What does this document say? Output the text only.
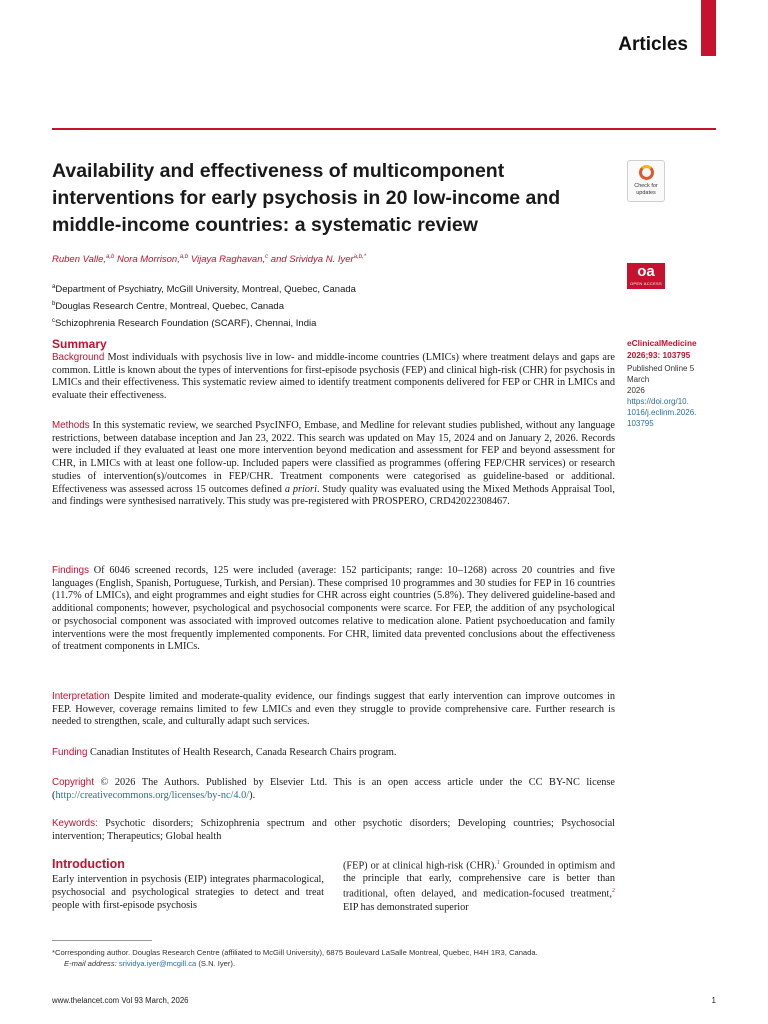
Articles
Availability and effectiveness of multicomponent interventions for early psychosis in 20 low-income and middle-income countries: a systematic review
Check for
updates
Ruben Valle,$^{a,b}$ Nora Morrison,$^{a,b}$ Vijaya Raghavan,$^c$ and Srividya N. Iyer$^{a,b,*}$
oa
OPEN ACCESS
$^a$Department of Psychiatry, McGill University, Montreal, Quebec, Canada
$^b$Douglas Research Centre, Montreal, Quebec, Canada
$^c$Schizophrenia Research Foundation (SCARF), Chennai, India
eClinicalMedicine
2026;93: 103795
Published Online 5 March
2026
https://doi.org/10.
1016/j.eclinm.2026.
103795
Summary

Background Most individuals with psychosis live in low- and middle-income countries (LMICs) where treatment delays and gaps are common. Little is known about the types of interventions for first-episode psychosis (FEP) and clinical high-risk (CHR) for psychosis in LMICs and their effectiveness. This systematic review aimed to identify treatment components delivered for FEP or CHR in LMICs and evaluate their effectiveness.

Methods In this systematic review, we searched PsycINFO, Embase, and Medline for relevant studies published, without any language restrictions, between database inception and Jan 23, 2022. This search was updated on May 15, 2024 and on January 2, 2026. Records were included if they evaluated at least one more intervention beyond medication and assessment for FEP and beyond assessment for CHR, in LMICs with at least one follow-up. Included papers were classified as programmes (offering FEP/CHR services) or research studies of intervention(s)/outcomes in FEP/CHR. Treatment components were categorised as guideline-based or additional. Effectiveness was assessed across 15 outcomes defined a priori. Study quality was evaluated using the Mixed Methods Appraisal Tool, and findings were synthesised narratively. This study was pre-registered with PROSPERO, CRD42022308467.

Findings Of 6046 screened records, 125 were included (average: 152 participants; range: 10–1268) across 20 countries and five languages (English, Spanish, Portuguese, Turkish, and Persian). These comprised 10 programmes and 30 studies for FEP in 16 countries (11.7% of LMICs), and eight programmes and eight studies for CHR across eight countries (5.8%). They delivered guideline-based and additional components; however, psychological and psychosocial components were scarce. For FEP, the addition of any psychological or psychosocial component was associated with improved outcomes relative to medication alone. Patient psychoeducation and family interventions were the most frequently implemented components. For CHR, limited data prevented conclusions about the effectiveness of treatment components in LMICs.

Interpretation Despite limited and moderate-quality evidence, our findings suggest that early intervention can improve outcomes in FEP. However, coverage remains limited to few LMICs and even they struggle to provide comprehensive care. Further research is needed to strengthen, scale, and culturally adapt such services.

Funding Canadian Institutes of Health Research, Canada Research Chairs program.

Copyright © 2026 The Authors. Published by Elsevier Ltd. This is an open access article under the CC BY-NC license (http://creativecommons.org/licenses/by-nc/4.0/).

Keywords: Psychotic disorders; Schizophrenia spectrum and other psychotic disorders; Developing countries; Psychosocial intervention; Therapeutics; Global health

Introduction

Early intervention in psychosis (EIP) integrates pharmacological, psychosocial and psychological strategies to detect and treat people with first-episode psychosis

(FEP) or at clinical high-risk (CHR).$^1$ Grounded in optimism and the principle that early, comprehensive care is better than traditional, often delayed, and medication-focused treatment,$^2$ EIP has demonstrated superior

*Corresponding author. Douglas Research Centre (affiliated to McGill University), 6875 Boulevard LaSalle Montreal, Quebec, H4H 1R3, Canada.
E-mail address: srividya.iyer@mcgill.ca (S.N. Iyer).
www.thelancet.com Vol 93 March, 2026	1
